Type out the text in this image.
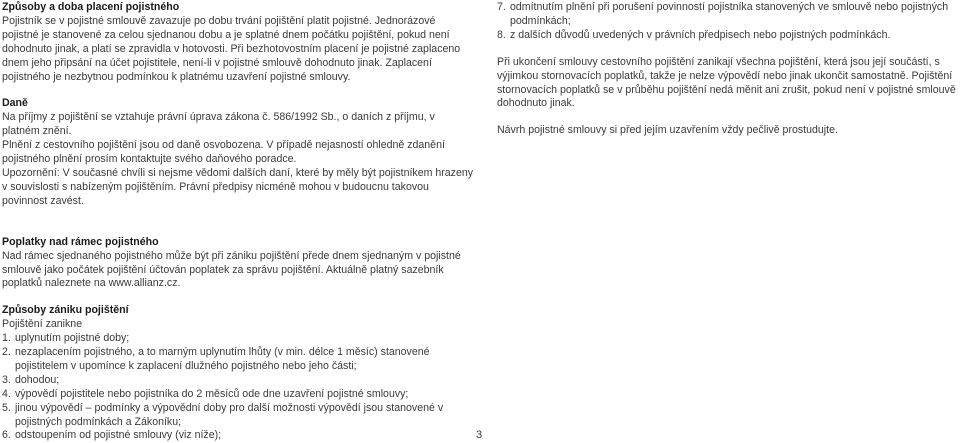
Způsoby a doba placení pojistného

Pojistník se v pojistné smlouvě zavazuje po dobu trvání pojištění platit pojistné. Jednorázové pojistné je stanovené za celou sjednanou dobu a je splatné dnem počátku pojištění, pokud není dohodnuto jinak, a platí se zpravidla v hotovosti. Při bezhotovostním placení je pojistné zaplaceno dnem jeho připsání na účet pojistitele, není-li v pojistné smlouvě dohodnuto jinak. Zaplacení pojistného je nezbytnou podmínkou k platnému uzavření pojistné smlouvy.

Daně

Na příjmy z pojištění se vztahuje právní úprava zákona č. 586/1992 Sb., o daních z příjmu, v platném znění.

Plnění z cestovního pojištění jsou od daně osvobozena. V případě nejasností ohledně zdanění pojistného plnění prosím kontaktujte svého daňového poradce.

Upozornění: V současné chvíli si nejsme vědomi dalších daní, které by měly být pojistníkem hrazeny v souvislosti s nabízeným pojištěním. Právní předpisy nicméně mohou v budoucnu takovou povinnost zavést.

Poplatky nad rámec pojistného

Nad rámec sjednaného pojistného může být při zániku pojištění přede dnem sjednaným v pojistné smlouvě jako počátek pojištění účtován poplatek za správu pojištění. Aktuálně platný sazebník poplatků naleznete na www.allianz.cz.

Způsoby zániku pojištění

Pojištění zanikne

1. uplynutím pojistné doby;
2. nezaplacením pojistného, a to marným uplynutím lhůty (v min. délce 1 měsíc) stanovené pojistitelem v upomínce k zaplacení dlužného pojistného nebo jeho části;
3. dohodou;
4. výpovědí pojistitele nebo pojistníka do 2 měsíců ode dne uzavření pojistné smlouvy;
5. jinou výpovědí – podmínky a výpovědní doby pro další možnosti výpovědí jsou stanovené v pojistných podmínkách a Zákoníku;
6. odstoupením od pojistné smlouvy (viz níže);
7. odmítnutím plnění při porušení povinností pojistníka stanovených ve smlouvě nebo pojistných podmínkách;
8. z dalších důvodů uvedených v právních předpisech nebo pojistných podmínkách.

Při ukončení smlouvy cestovního pojištění zanikají všechna pojištění, která jsou její součástí, s výjimkou stornovacích poplatků, takže je nelze výpovědí nebo jinak ukončit samostatně. Pojištění stornovacích poplatků se v průběhu pojištění nedá měnit ani zrušit, pokud není v pojistné smlouvě dohodnuto jinak.

Návrh pojistné smlouvy si před jejím uzavřením vždy pečlivě prostudujte.

3
